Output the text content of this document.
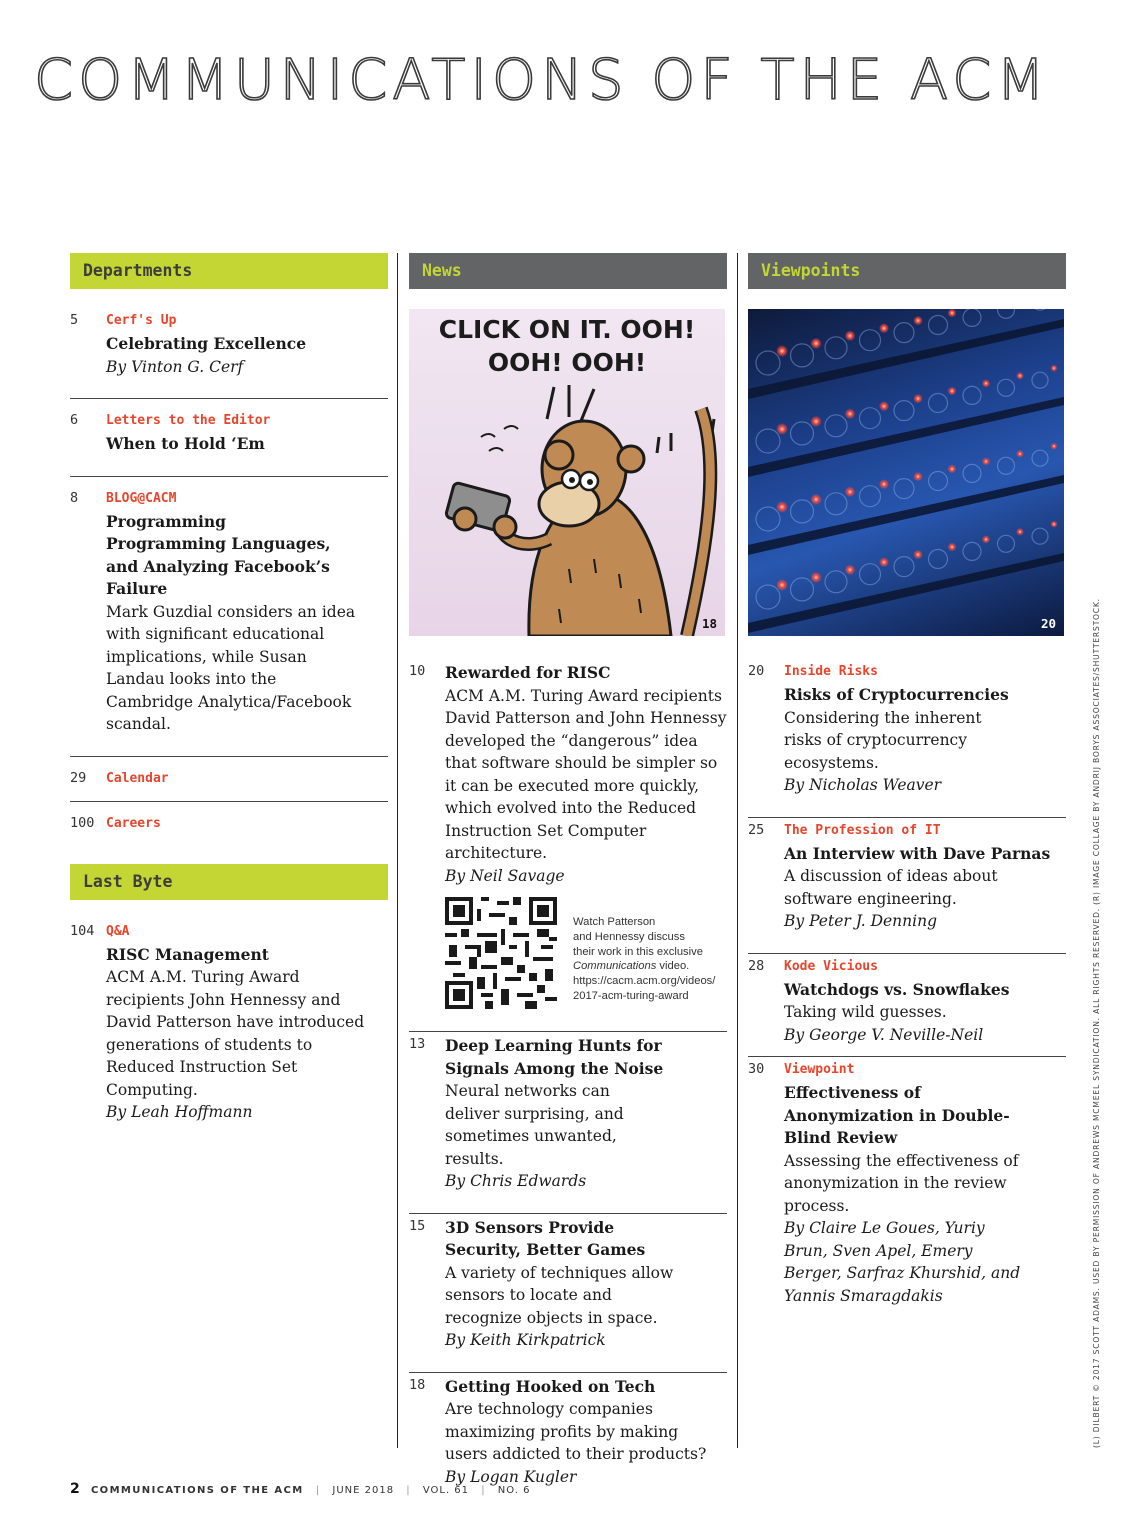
COMMUNICATIONS OF THE ACM
Departments
5 Cerf's Up
Celebrating Excellence
By Vinton G. Cerf
6 Letters to the Editor
When to Hold ‘Em
8 BLOG@CACM
Programming Programming Languages, and Analyzing Facebook’s Failure
Mark Guzdial considers an idea with significant educational implications, while Susan Landau looks into the Cambridge Analytica/Facebook scandal.
29 Calendar
100 Careers
Last Byte
104 Q&A
RISC Management
ACM A.M. Turing Award recipients John Hennessy and David Patterson have introduced generations of students to Reduced Instruction Set Computing.
By Leah Hoffmann
News
CLICK ON IT. OOH!
OOH! OOH!
18
10 Rewarded for RISC
ACM A.M. Turing Award recipients David Patterson and John Hennessy developed the “dangerous” idea that software should be simpler so it can be executed more quickly, which evolved into the Reduced Instruction Set Computer architecture.
By Neil Savage
Watch Patterson
and Hennessy discuss
their work in this exclusive
Communications video.
https://cacm.acm.org/videos/
2017-acm-turing-award
13 Deep Learning Hunts for Signals Among the Noise
Neural networks can deliver surprising, and sometimes unwanted, results.
By Chris Edwards
15 3D Sensors Provide Security, Better Games
A variety of techniques allow sensors to locate and recognize objects in space.
By Keith Kirkpatrick
18 Getting Hooked on Tech
Are technology companies maximizing profits by making users addicted to their products?
By Logan Kugler
Viewpoints
20
20 Inside Risks
Risks of Cryptocurrencies
Considering the inherent risks of cryptocurrency ecosystems.
By Nicholas Weaver
25 The Profession of IT
An Interview with Dave Parnas
A discussion of ideas about software engineering.
By Peter J. Denning
28 Kode Vicious
Watchdogs vs. Snowflakes
Taking wild guesses.
By George V. Neville-Neil
30 Viewpoint
Effectiveness of Anonymization in Double-Blind Review
Assessing the effectiveness of anonymization in the review process.
By Claire Le Goues, Yuriy Brun, Sven Apel, Emery Berger, Sarfraz Khurshid, and Yannis Smaragdakis	(L) DILBERT © 2017 SCOTT ADAMS. USED BY PERMISSION OF ANDREWS MCMEEL SYNDICATION. ALL RIGHTS RESERVED. (R) IMAGE COLLAGE BY ANDRIJ BORYS ASSOCIATES/SHUTTERSTOCK.
2 COMMUNICATIONS OF THE ACM | JUNE 2018 | VOL. 61 | NO. 6
